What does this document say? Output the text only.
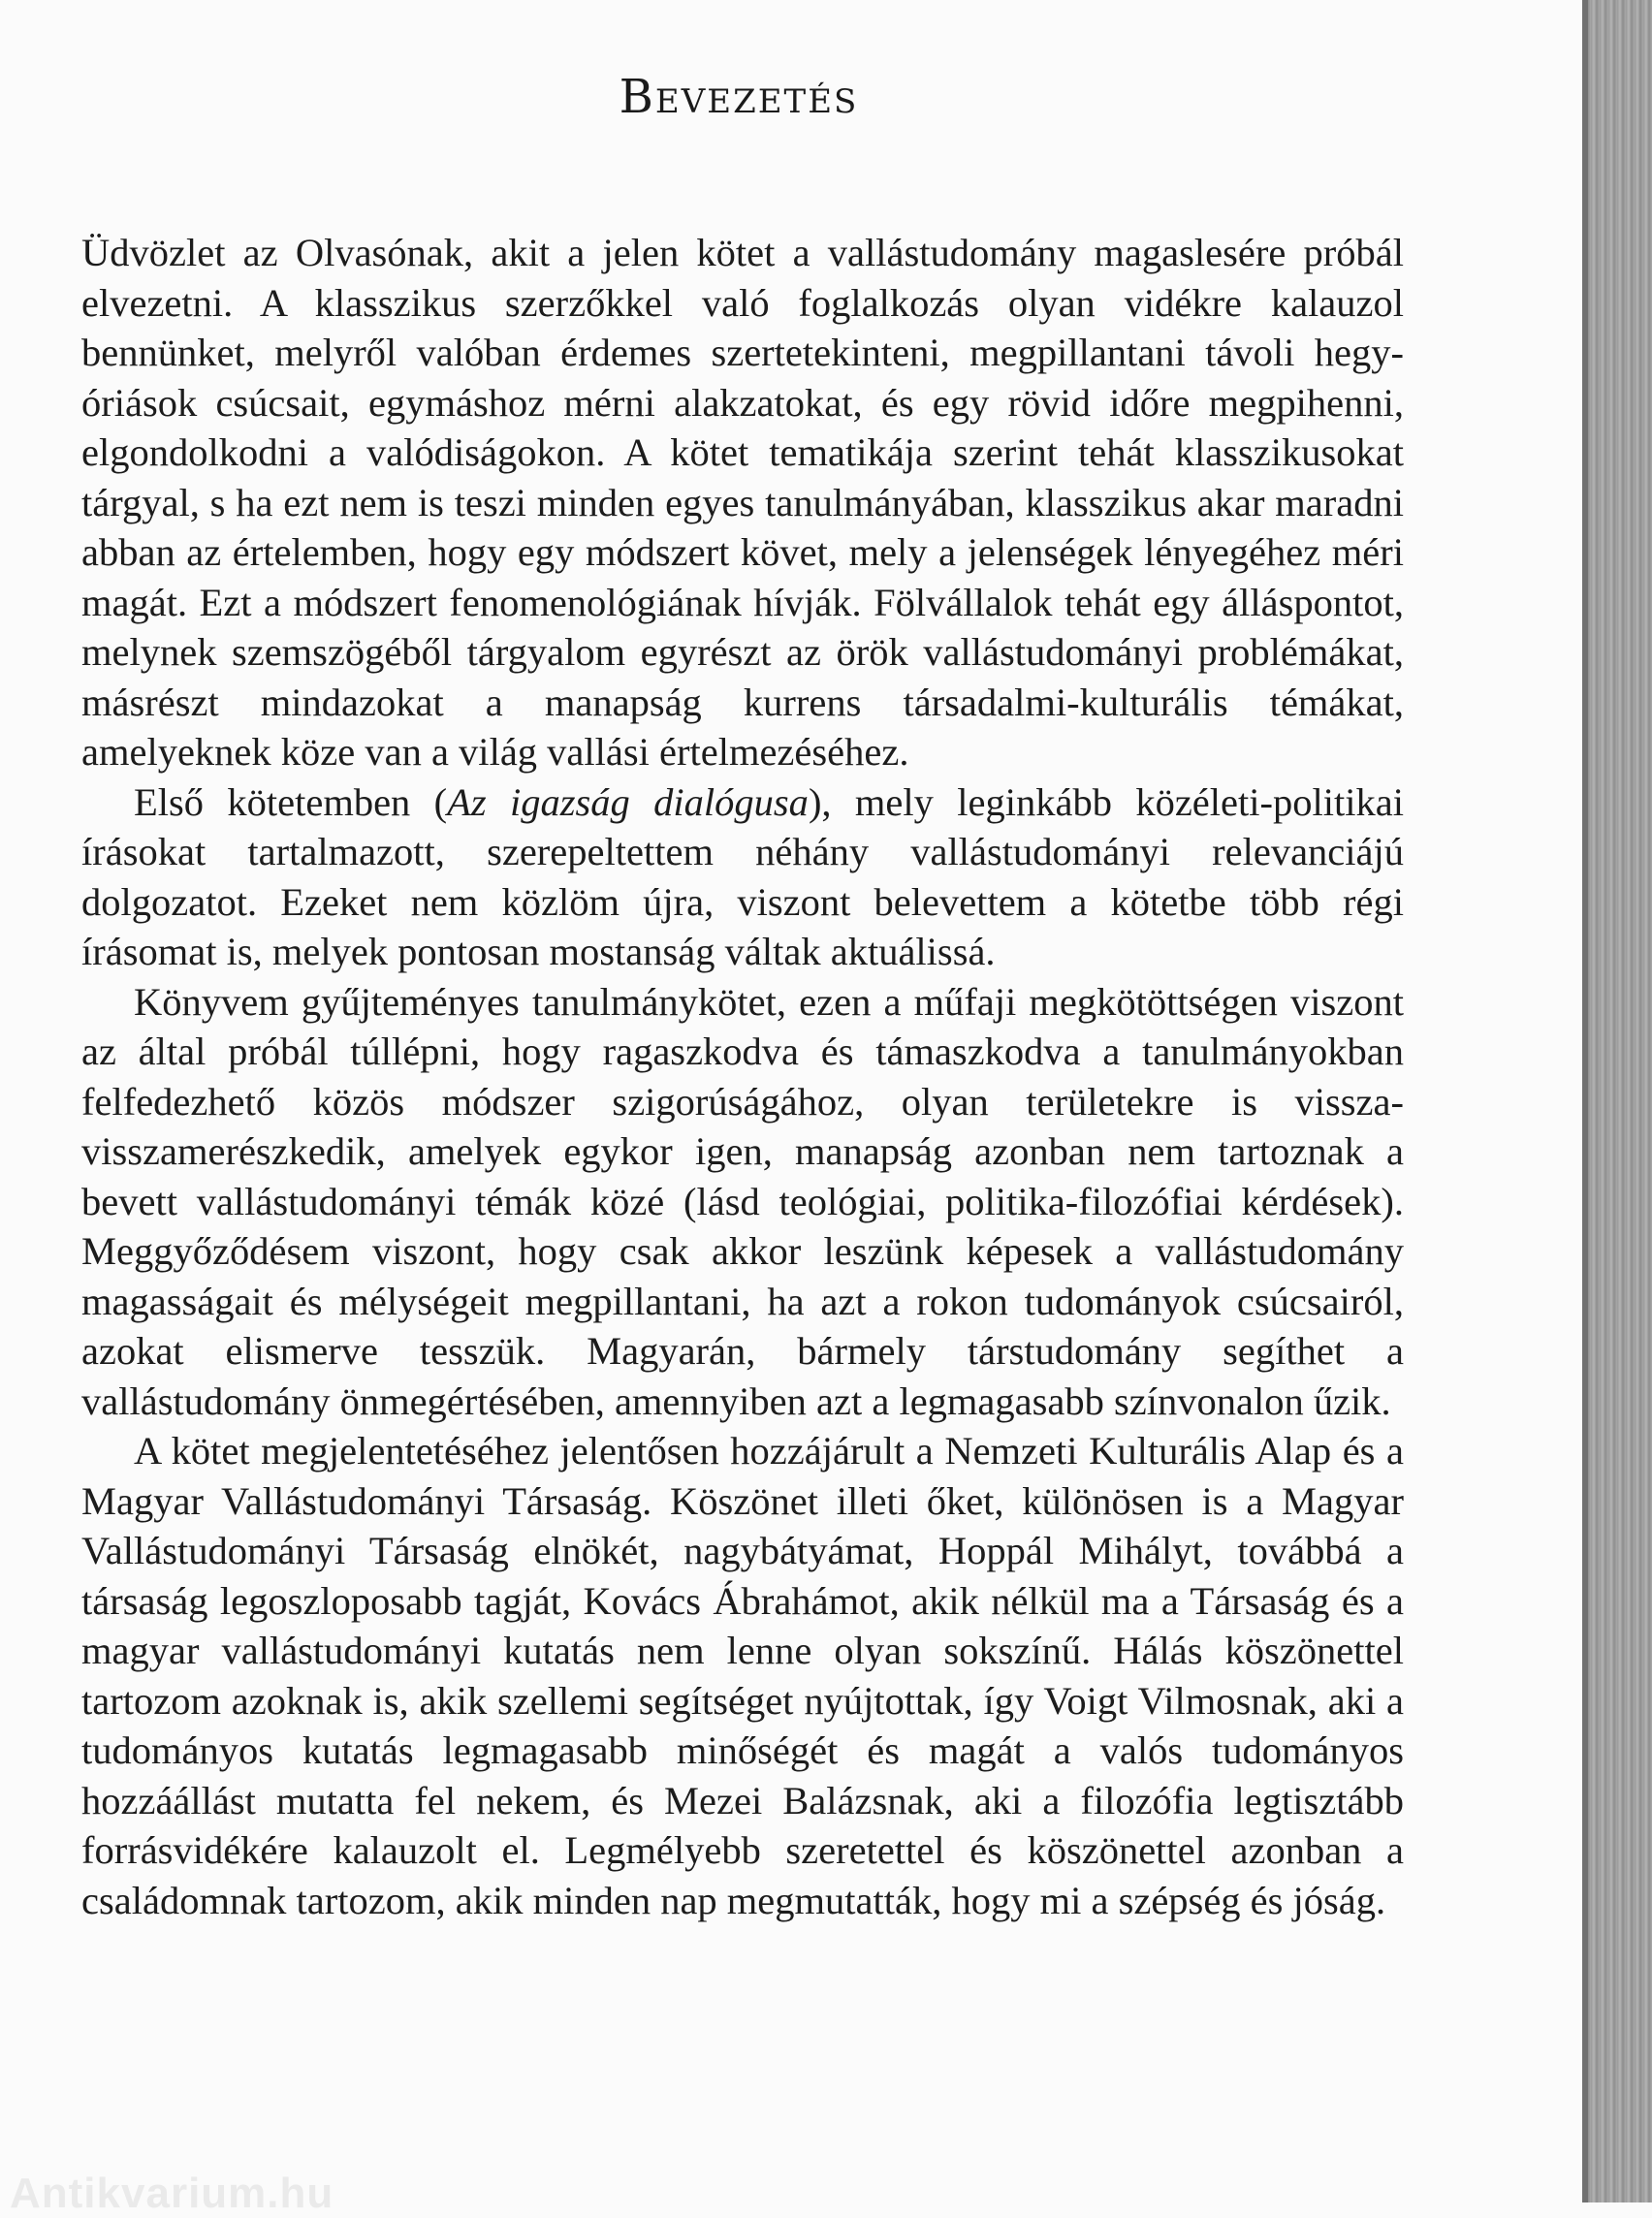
Bevezetés

Üdvözlet az Olvasónak, akit a jelen kötet a vallástudomány magaslesére próbál elvezetni. A klasszikus szerzőkkel való foglalkozás olyan vidékre kalauzol bennünket, melyről valóban érdemes szertetekinteni, megpillantani távoli hegy-óriások csúcsait, egymáshoz mérni alakzatokat, és egy rövid időre megpihenni, elgondolkodni a valódiságokon. A kötet tematikája szerint tehát klasszikusokat tárgyal, s ha ezt nem is teszi minden egyes tanulmányában, klasszikus akar maradni abban az értelemben, hogy egy módszert követ, mely a jelenségek lényegéhez méri magát. Ezt a módszert fenomenológiának hívják. Fölvállalok tehát egy álláspontot, melynek szemszögéből tárgyalom egyrészt az örök vallástudományi problémákat, másrészt mindazokat a manapság kurrens társadalmi-kulturális témákat, amelyeknek köze van a világ vallási értelmezéséhez.

Első kötetemben (Az igazság dialógusa), mely leginkább közéleti-politikai írásokat tartalmazott, szerepeltettem néhány vallástudományi relevanciájú dolgozatot. Ezeket nem közlöm újra, viszont belevettem a kötetbe több régi írásomat is, melyek pontosan mostanság váltak aktuálissá.

Könyvem gyűjteményes tanulmánykötet, ezen a műfaji megkötöttségen viszont az által próbál túllépni, hogy ragaszkodva és támaszkodva a tanulmányokban felfedezhető közös módszer szigorúságához, olyan területekre is vissza-visszamerészkedik, amelyek egykor igen, manapság azonban nem tartoznak a bevett vallástudományi témák közé (lásd teológiai, politika-filozófiai kérdések). Meggyőződésem viszont, hogy csak akkor leszünk képesek a vallástudomány magasságait és mélységeit megpillantani, ha azt a rokon tudományok csúcsairól, azokat elismerve tesszük. Magyarán, bármely társtudomány segíthet a vallástudomány önmegértésében, amennyiben azt a legmagasabb színvonalon űzik.

A kötet megjelentetéséhez jelentősen hozzájárult a Nemzeti Kulturális Alap és a Magyar Vallástudományi Társaság. Köszönet illeti őket, különösen is a Magyar Vallástudományi Társaság elnökét, nagybátyámat, Hoppál Mihályt, továbbá a társaság legoszloposabb tagját, Kovács Ábrahámot, akik nélkül ma a Társaság és a magyar vallástudományi kutatás nem lenne olyan sokszínű. Hálás köszönettel tartozom azoknak is, akik szellemi segítséget nyújtottak, így Voigt Vilmosnak, aki a tudományos kutatás legmagasabb minőségét és magát a valós tudományos hozzáállást mutatta fel nekem, és Mezei Balázsnak, aki a filozófia legtisztább forrásvidékére kalauzolt el. Legmélyebb szeretettel és köszönettel azonban a családomnak tartozom, akik minden nap megmutatták, hogy mi a szépség és jóság.

Antikvarium.hu
